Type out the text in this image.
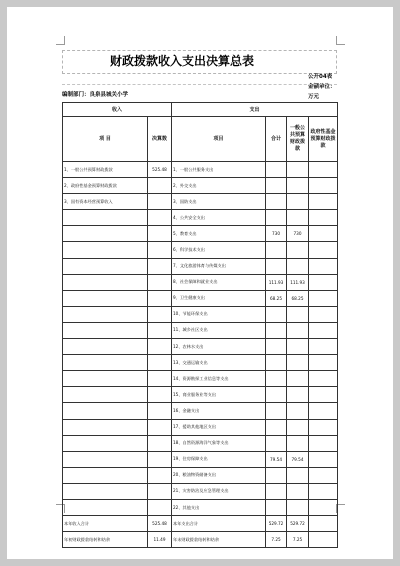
财政拨款收入支出决算总表
公开04表 金额单位：万元
编制部门：良泉县城关小学
收入		支出			
项 目	决算数	项目	合计	一般公共预算财政拨款	政府性基金预算财政拨款
1、一般公共预算财政拨款	525.48	1、一般公共服务支出			
2、政府性基金预算财政拨款		2、外交支出			
3、国有资本经营预算收入		3、国防支出			
		4、公共安全支出			
		5、教育支出	730	730	
		6、科学技术支出			
		7、文化旅游体育与传媒支出			
		8、社会保障和就业支出	111.93	111.93	
		9、卫生健康支出	68.25	68.25	
		10、节能环保支出			
		11、城乡社区支出			
		12、农林水支出			
		13、交通运输支出			
		14、资源勘探工业信息等支出			
		15、商业服务业等支出			
		16、金融支出			
		17、援助其他地区支出			
		18、自然资源海洋气象等支出			
		19、住房保障支出	79.54	79.54	
		20、粮油物资储备支出			
		21、灾害防治及应急管理支出			
		22、其他支出			
本年收入合计	525.48	本年支出合计	529.72	529.72	
年初财政拨款结转和结余	11.49	年末财政拨款结转和结余	7.25	7.25	
